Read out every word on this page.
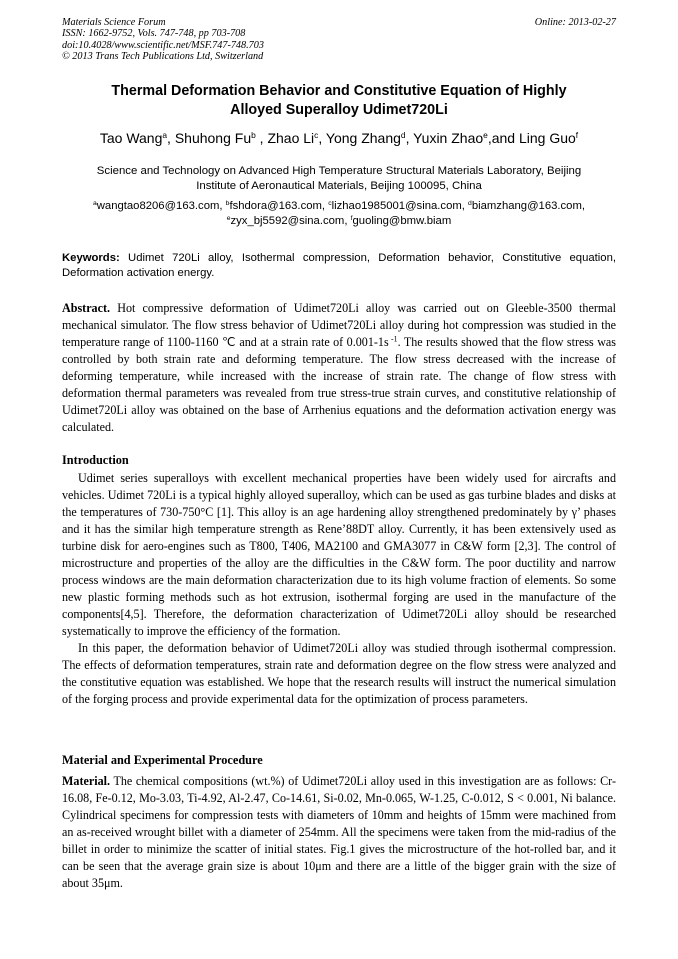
Materials Science Forum
ISSN: 1662-9752, Vols. 747-748, pp 703-708
doi:10.4028/www.scientific.net/MSF.747-748.703
© 2013 Trans Tech Publications Ltd, Switzerland
Online: 2013-02-27
Thermal Deformation Behavior and Constitutive Equation of Highly
Alloyed Superalloy Udimet720Li
Tao Wang$^a$, Shuhong Fu$^b$ , Zhao Li$^c$, Yong Zhang$^d$, Yuxin Zhao$^e$,and Ling Guo$^f$
Science and Technology on Advanced High Temperature Structural Materials Laboratory, Beijing
Institute of Aeronautical Materials, Beijing 100095, China
$^a$wangtao8206@163.com, $^b$fshdora@163.com, $^c$lizhao1985001@sina.com, $^d$biamzhang@163.com,
$^e$zyx_bj5592@sina.com, $^f$guoling@bmw.biam
Keywords: Udimet 720Li alloy, Isothermal compression, Deformation behavior, Constitutive equation, Deformation activation energy.
Abstract. Hot compressive deformation of Udimet720Li alloy was carried out on Gleeble-3500 thermal mechanical simulator. The flow stress behavior of Udimet720Li alloy during hot compression was studied in the temperature range of 1100-1160 ℃ and at a strain rate of 0.001-1s $^{-1}$. The results showed that the flow stress was controlled by both strain rate and deforming temperature. The flow stress decreased with the increase of deforming temperature, while increased with the increase of strain rate. The change of flow stress with deformation thermal parameters was revealed from true stress-true strain curves, and constitutive relationship of Udimet720Li alloy was obtained on the base of Arrhenius equations and the deformation activation energy was calculated.
Introduction

Udimet series superalloys with excellent mechanical properties have been widely used for aircrafts and vehicles. Udimet 720Li is a typical highly alloyed superalloy, which can be used as gas turbine blades and disks at the temperatures of 730-750°C [1]. This alloy is an age hardening alloy strengthened predominately by γ’ phases and it has the similar high temperature strength as Rene’88DT alloy. Currently, it has been extensively used as turbine disk for aero-engines such as T800, T406, MA2100 and GMA3077 in C&W form [2,3]. The control of microstructure and properties of the alloy are the difficulties in the C&W form. The poor ductility and narrow process windows are the main deformation characterization due to its high volume fraction of elements. So some new plastic forming methods such as hot extrusion, isothermal forging are used in the manufacture of the components[4,5]. Therefore, the deformation characterization of Udimet720Li alloy should be researched systematically to improve the efficiency of the formation.

In this paper, the deformation behavior of Udimet720Li alloy was studied through isothermal compression. The effects of deformation temperatures, strain rate and deformation degree on the flow stress were analyzed and the constitutive equation was established. We hope that the research results will instruct the numerical simulation of the forging process and provide experimental data for the optimization of process parameters.

Material and Experimental Procedure
Material. The chemical compositions (wt.%) of Udimet720Li alloy used in this investigation are as follows: Cr-16.08, Fe-0.12, Mo-3.03, Ti-4.92, Al-2.47, Co-14.61, Si-0.02, Mn-0.065, W-1.25, C-0.012, S < 0.001, Ni balance. Cylindrical specimens for compression tests with diameters of 10mm and heights of 15mm were machined from an as-received wrought billet with a diameter of 254mm. All the specimens were taken from the mid-radius of the billet in order to minimize the scatter of initial states. Fig.1 gives the microstructure of the hot-rolled bar, and it can be seen that the average grain size is about 10μm and there are a little of the bigger grain with the size of about 35μm.
